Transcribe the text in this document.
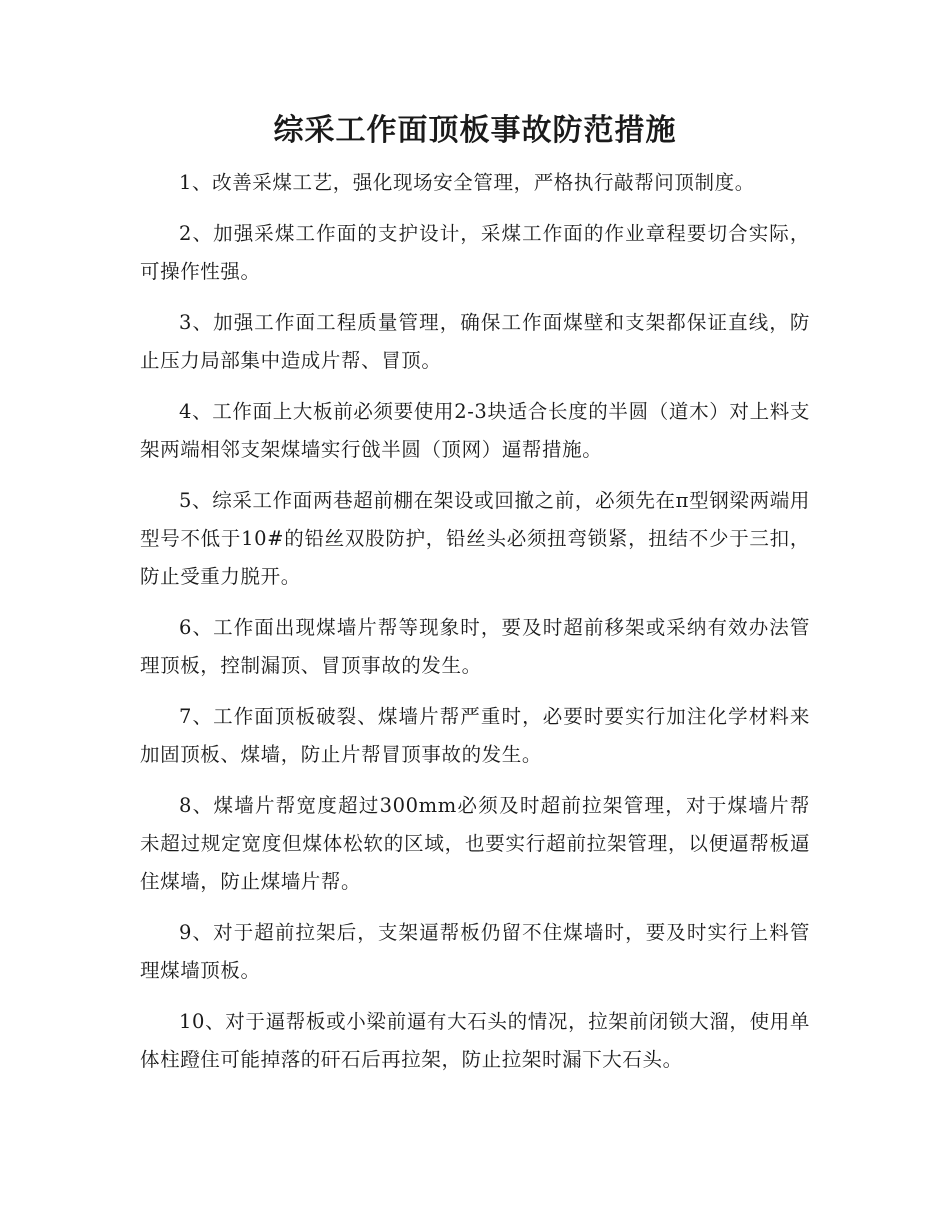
综采工作面顶板事故防范措施

1、改善采煤工艺，强化现场安全管理，严格执行敲帮问顶制度。

2、加强采煤工作面的支护设计，采煤工作面的作业章程要切合实际，可操作性强。

3、加强工作面工程质量管理，确保工作面煤壁和支架都保证直线，防止压力局部集中造成片帮、冒顶。

4、工作面上大板前必须要使用2-3块适合长度的半圆（道木）对上料支架两端相邻支架煤墙实行戗半圆（顶网）逼帮措施。

5、综采工作面两巷超前棚在架设或回撤之前，必须先在π型钢梁两端用型号不低于10#的铅丝双股防护，铅丝头必须扭弯锁紧，扭结不少于三扣，防止受重力脱开。

6、工作面出现煤墙片帮等现象时，要及时超前移架或采纳有效办法管理顶板，控制漏顶、冒顶事故的发生。

7、工作面顶板破裂、煤墙片帮严重时，必要时要实行加注化学材料来加固顶板、煤墙，防止片帮冒顶事故的发生。

8、煤墙片帮宽度超过300mm必须及时超前拉架管理，对于煤墙片帮未超过规定宽度但煤体松软的区域，也要实行超前拉架管理，以便逼帮板逼住煤墙，防止煤墙片帮。

9、对于超前拉架后，支架逼帮板仍留不住煤墙时，要及时实行上料管理煤墙顶板。

10、对于逼帮板或小梁前逼有大石头的情况，拉架前闭锁大溜，使用单体柱蹬住可能掉落的矸石后再拉架，防止拉架时漏下大石头。
